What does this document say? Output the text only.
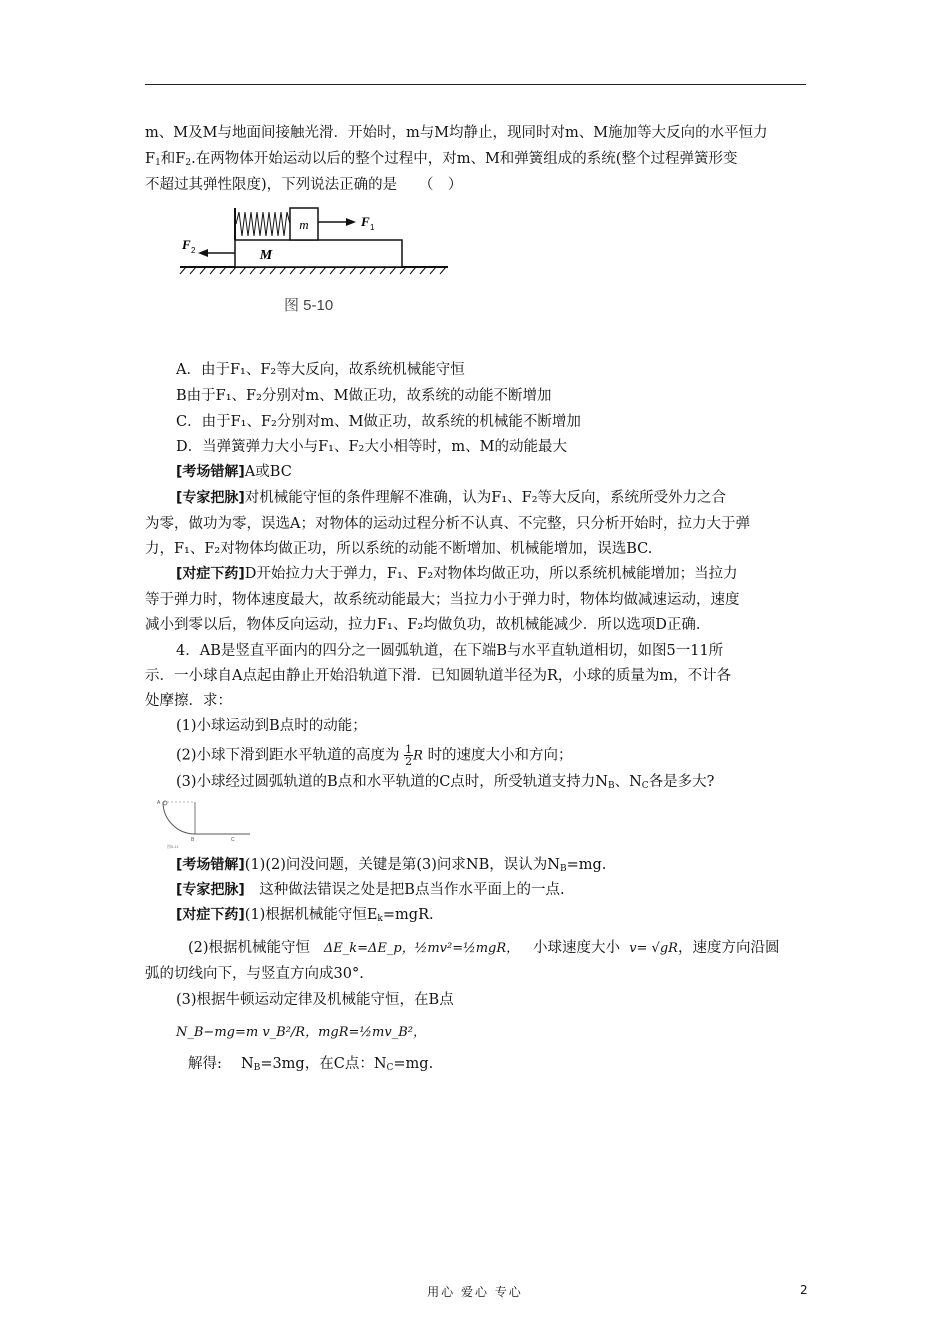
m、M及M与地面间接触光滑．开始时，m与M均静止，现同时对m、M施加等大反向的水平恒力
$F_1$和$F_2$.在两物体开始运动以后的整个过程中，对m、M和弹簧组成的系统(整个过程弹簧形变
不超过其弹性限度)，下列说法正确的是　　（　）
m
M
F 1
F 2
图 5-10
A．由于F₁、F₂等大反向，故系统机械能守恒
B由于F₁、F₂分别对m、M做正功，故系统的动能不断增加
C．由于F₁、F₂分别对m、M做正功，故系统的机械能不断增加
D．当弹簧弹力大小与F₁、F₂大小相等时，m、M的动能最大
[考场错解]A或BC
[专家把脉]对机械能守恒的条件理解不准确，认为F₁、F₂等大反向，系统所受外力之合
为零，做功为零，误选A；对物体的运动过程分析不认真、不完整，只分析开始时，拉力大于弹
力，F₁、F₂对物体均做正功，所以系统的动能不断增加、机械能增加，误选BC.
[对症下药]D开始拉力大于弹力，F₁、F₂对物体均做正功，所以系统机械能增加；当拉力
等于弹力时，物体速度最大，故系统动能最大；当拉力小于弹力时，物体均做减速运动，速度
减小到零以后，物体反向运动，拉力F₁、F₂均做负功，故机械能减少．所以选项D正确.
4．AB是竖直平面内的四分之一圆弧轨道，在下端B与水平直轨道相切，如图5一11所
示．一小球自A点起由静止开始沿轨道下滑．已知圆轨道半径为R，小球的质量为m，不计各
处摩擦．求：
(1)小球运动到B点时的动能；
(2)小球下滑到距水平轨道的高度为 $\frac{1}{2}$ R 时的速度大小和方向；
(3)小球经过圆弧轨道的B点和水平轨道的C点时，所受轨道支持力$N_B$、$N_C$各是多大?
A
B	C
图5-11
[考场错解](1)(2)问没问题，关键是第(3)问求NB，误认为$N_B=mg$.
[专家把脉]　这种做法错误之处是把B点当作水平面上的一点.
[对症下药](1)根据机械能守恒$E_k=mgR$.
(2)根据机械能守恒 ΔE_k=ΔE_p，½mv²=½mgR， 小球速度大小 v= √gR，速度方向沿圆
弧的切线向下，与竖直方向成30°.
(3)根据牛顿运动定律及机械能守恒，在B点
N_B−mg=m v_B²/R，mgR=½mv_B²，
解得:　 $N_B=3mg$，在C点：$N_C=mg$.
用心 爱心 专心	2
